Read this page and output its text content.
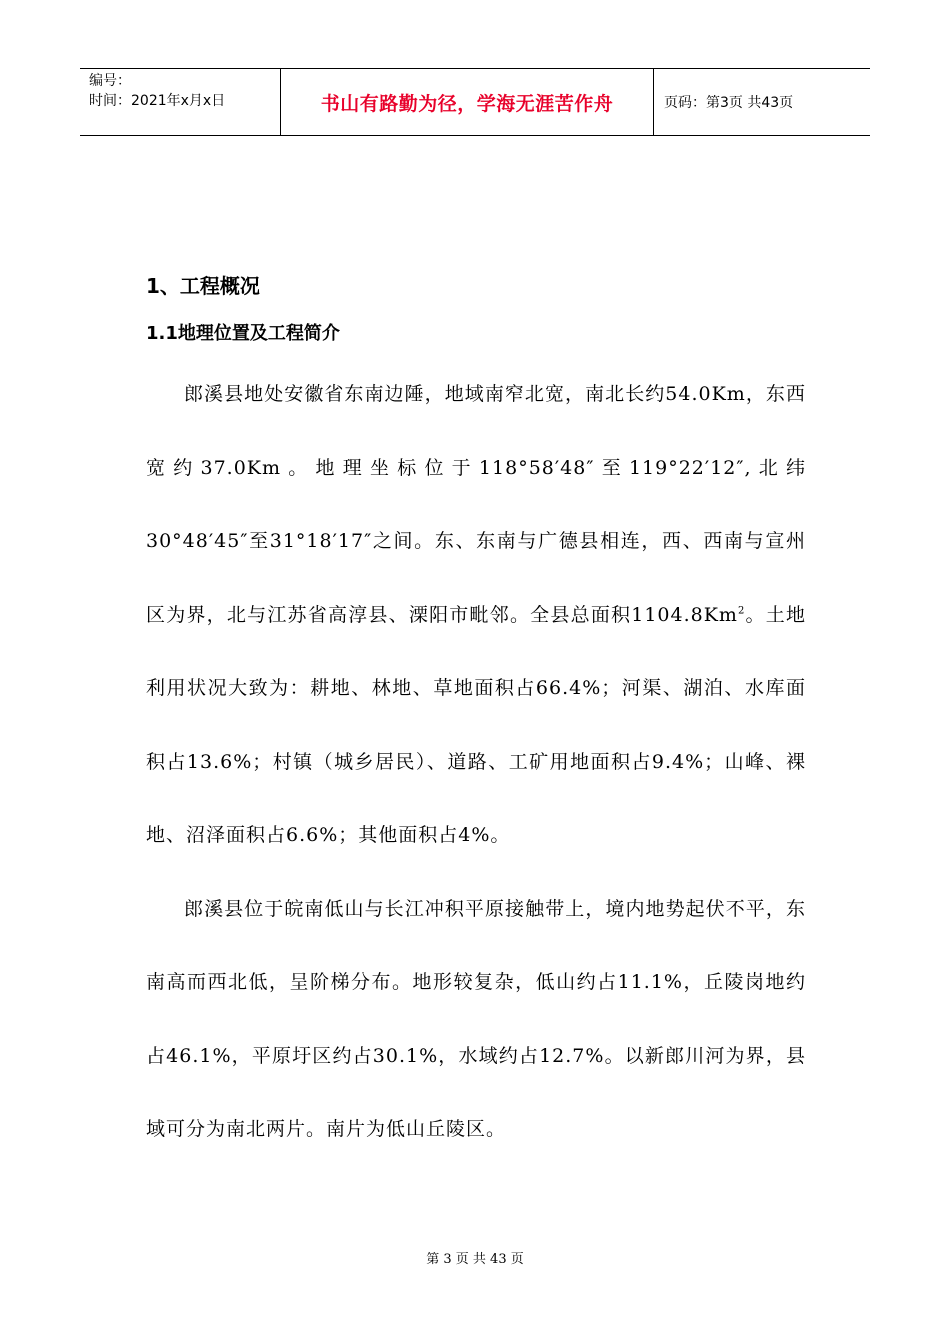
编号：
时间：2021年x月x日	书山有路勤为径，学海无涯苦作舟	页码：第3页 共43页
1、工程概况
1.1地理位置及工程简介

郎溪县地处安徽省东南边陲，地域南窄北宽，南北长约54.0Km，东西宽约37.0Km。地理坐标位于118°58′48″至119°22′12″,北纬30°48′45″至31°18′17″之间。东、东南与广德县相连，西、西南与宣州区为界，北与江苏省高淳县、溧阳市毗邻。全县总面积1104.8Km$^2$。土地利用状况大致为：耕地、林地、草地面积占66.4%；河渠、湖泊、水库面积占13.6%；村镇（城乡居民）、道路、工矿用地面积占9.4%；山峰、裸地、沼泽面积占6.6%；其他面积占4%。

郎溪县位于皖南低山与长江冲积平原接触带上，境内地势起伏不平，东南高而西北低，呈阶梯分布。地形较复杂，低山约占11.1%，丘陵岗地约占46.1%，平原圩区约占30.1%，水域约占12.7%。以新郎川河为界，县域可分为南北两片。南片为低山丘陵区。

第 3 页 共 43 页
